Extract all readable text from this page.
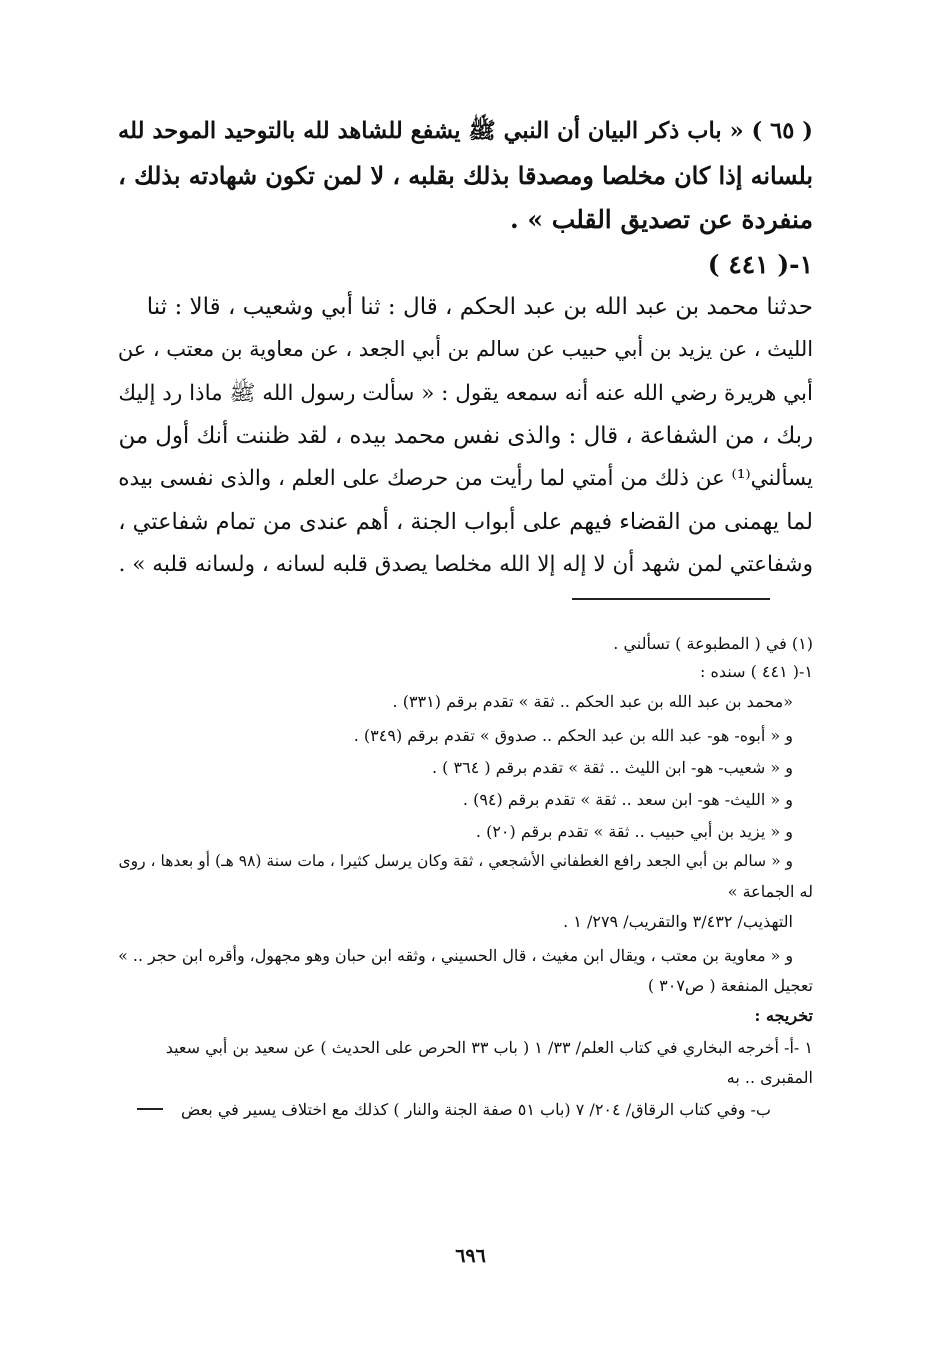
( ٦٥ ) « باب ذكر البيان أن النبي ﷺ يشفع للشاهد لله بالتوحيد الموحد لله
بلسانه إذا كان مخلصا ومصدقا بذلك بقلبه ، لا لمن تكون شهادته بذلك ،
منفردة عن تصديق القلب » .
١-( ٤٤١ )
حدثنا محمد بن عبد الله بن عبد الحكم ، قال : ثنا أبي وشعيب ، قالا : ثنا
الليث ، عن يزيد بن أبي حبيب عن سالم بن أبي الجعد ، عن معاوية بن معتب ، عن
أبي هريرة رضي الله عنه أنه سمعه يقول : « سألت رسول الله ﷺ ماذا رد إليك
ربك ، من الشفاعة ، قال : والذى نفس محمد بيده ، لقد ظننت أنك أول من
يسألني⁽¹⁾ عن ذلك من أمتي لما رأيت من حرصك على العلم ، والذى نفسى بيده
لما يهمنى من القضاء فيهم على أبواب الجنة ، أهم عندى من تمام شفاعتي ،
وشفاعتي لمن شهد أن لا إله إلا الله مخلصا يصدق قلبه لسانه ، ولسانه قلبه » .
(١) في ( المطبوعة ) تسألني .
١-( ٤٤١ ) سنده :
«محمد بن عبد الله بن عبد الحكم .. ثقة » تقدم برقم (٣٣١) .
و « أبوه- هو- عبد الله بن عبد الحكم .. صدوق » تقدم برقم (٣٤٩) .
و « شعيب- هو- ابن الليث .. ثقة » تقدم برقم ( ٣٦٤ ) .
و « الليث- هو- ابن سعد .. ثقة » تقدم برقم (٩٤) .
و « يزيد بن أبي حبيب .. ثقة » تقدم برقم (٢٠) .
و « سالم بن أبي الجعد رافع الغطفاني الأشجعي ، ثقة وكان يرسل كثيرا ، مات سنة (٩٨ هـ) أو بعدها ، روى
له الجماعة »
التهذيب/ ٣/٤٣٢ والتقريب/ ٢٧٩/ ١ .
و « معاوية بن معتب ، ويقال ابن مغيث ، قال الحسيني ، وثقه ابن حبان وهو مجهول، وأقره ابن حجر .. »
تعجيل المنفعة ( ص٣٠٧ )
تخريجه :
١ -أ- أخرجه البخاري في كتاب العلم/ ٣٣/ ١ ( باب ٣٣ الحرص على الحديث ) عن سعيد بن أبي سعيد
المقبرى .. به
ب- وفي كتاب الرقاق/ ٢٠٤/ ٧ (باب ٥١ صفة الجنة والنار ) كذلك مع اختلاف يسير في بعض
٦٩٦
